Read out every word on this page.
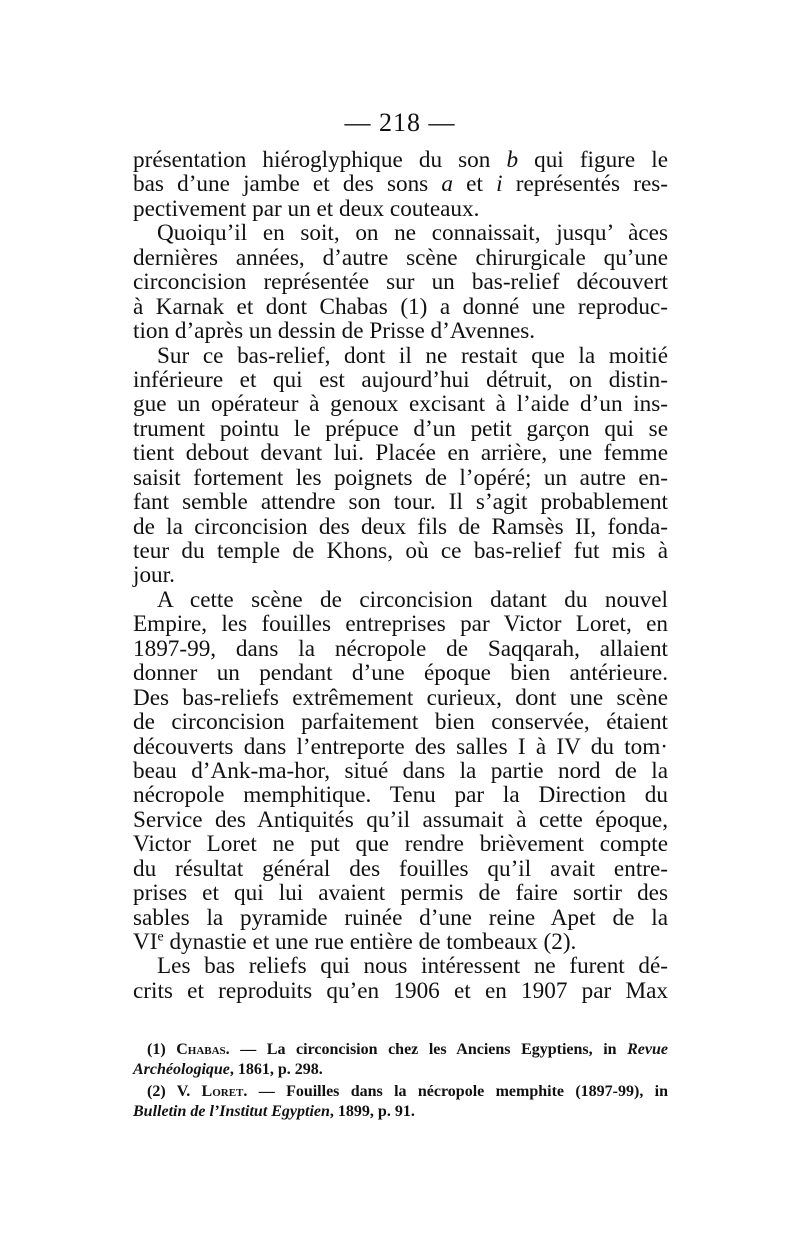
— 218 —
présentation hiéroglyphique du son b qui figure le
bas d’une jambe et des sons a et i représentés res-
pectivement par un et deux couteaux.
Quoiqu’il en soit, on ne connaissait, jusqu’ àces
dernières années, d’autre scène chirurgicale qu’une
circoncision représentée sur un bas-relief découvert
à Karnak et dont Chabas (1) a donné une reproduc-
tion d’après un dessin de Prisse d’Avennes.
Sur ce bas-relief, dont il ne restait que la moitié
inférieure et qui est aujourd’hui détruit, on distin-
gue un opérateur à genoux excisant à l’aide d’un ins-
trument pointu le prépuce d’un petit garçon qui se
tient debout devant lui. Placée en arrière, une femme
saisit fortement les poignets de l’opéré; un autre en-
fant semble attendre son tour. Il s’agit probablement
de la circoncision des deux fils de Ramsès II, fonda-
teur du temple de Khons, où ce bas-relief fut mis à
jour.
A cette scène de circoncision datant du nouvel
Empire, les fouilles entreprises par Victor Loret, en
1897-99, dans la nécropole de Saqqarah, allaient
donner un pendant d’une époque bien antérieure.
Des bas-reliefs extrêmement curieux, dont une scène
de circoncision parfaitement bien conservée, étaient
découverts dans l’entreporte des salles I à IV du tom·
beau d’Ank-ma-hor, situé dans la partie nord de la
nécropole memphitique. Tenu par la Direction du
Service des Antiquités qu’il assumait à cette époque,
Victor Loret ne put que rendre brièvement compte
du résultat général des fouilles qu’il avait entre-
prises et qui lui avaient permis de faire sortir des
sables la pyramide ruinée d’une reine Apet de la
VIe dynastie et une rue entière de tombeaux (2).
Les bas reliefs qui nous intéressent ne furent dé-
crits et reproduits qu’en 1906 et en 1907 par Max
(1) Chabas. — La circoncision chez les Anciens Egyptiens, in Revue
Archéologique, 1861, p. 298.
(2) V. Loret. — Fouilles dans la nécropole memphite (1897-99), in
Bulletin de l’Institut Egyptien, 1899, p. 91.
